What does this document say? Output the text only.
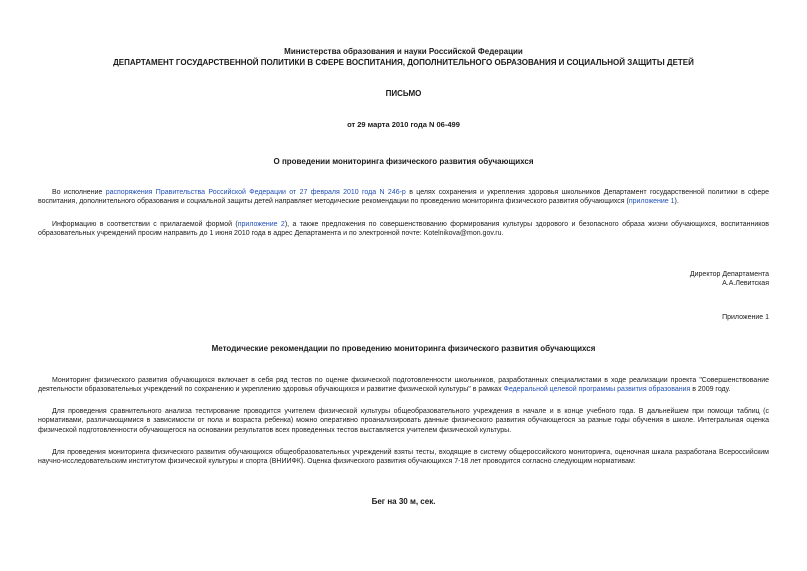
Министерства образования и науки Российской Федерации
ДЕПАРТАМЕНТ ГОСУДАРСТВЕННОЙ ПОЛИТИКИ В СФЕРЕ ВОСПИТАНИЯ, ДОПОЛНИТЕЛЬНОГО ОБРАЗОВАНИЯ И СОЦИАЛЬНОЙ ЗАЩИТЫ ДЕТЕЙ
ПИСЬМО
от 29 марта 2010 года N 06-499
О проведении мониторинга физического развития обучающихся
Во исполнение распоряжения Правительства Российской Федерации от 27 февраля 2010 года N 246-р в целях сохранения и укрепления здоровья школьников Департамент государственной политики в сфере воспитания, дополнительного образования и социальной защиты детей направляет методические рекомендации по проведению мониторинга физического развития обучающихся (приложение 1).
Информацию в соответствии с прилагаемой формой (приложение 2), а также предложения по совершенствованию формирования культуры здорового и безопасного образа жизни обучающихся, воспитанников образовательных учреждений просим направить до 1 июня 2010 года в адрес Департамента и по электронной почте: Kotelnikova@mon.gov.ru.
Директор Департамента
А.А.Левитская
Приложение 1
Методические рекомендации по проведению мониторинга физического развития обучающихся
Мониторинг физического развития обучающихся включает в себя ряд тестов по оценке физической подготовленности школьников, разработанных специалистами в ходе реализации проекта "Совершенствование деятельности образовательных учреждений по сохранению и укреплению здоровья обучающихся и развитие физической культуры" в рамках Федеральной целевой программы развития образования в 2009 году.
Для проведения сравнительного анализа тестирование проводится учителем физической культуры общеобразовательного учреждения в начале и в конце учебного года. В дальнейшем при помощи таблиц (с нормативами, различающимися в зависимости от пола и возраста ребенка) можно оперативно проанализировать данные физического развития обучающегося за разные годы обучения в школе. Интегральная оценка физической подготовленности обучающегося на основании результатов всех проведенных тестов выставляется учителем физической культуры.
Для проведения мониторинга физического развития обучающихся общеобразовательных учреждений взяты тесты, входящие в систему общероссийского мониторинга, оценочная шкала разработана Всероссийским научно-исследовательским институтом физической культуры и спорта (ВНИИФК). Оценка физического развития обучающихся 7-18 лет проводится согласно следующим нормативам:
Бег на 30 м, сек.
